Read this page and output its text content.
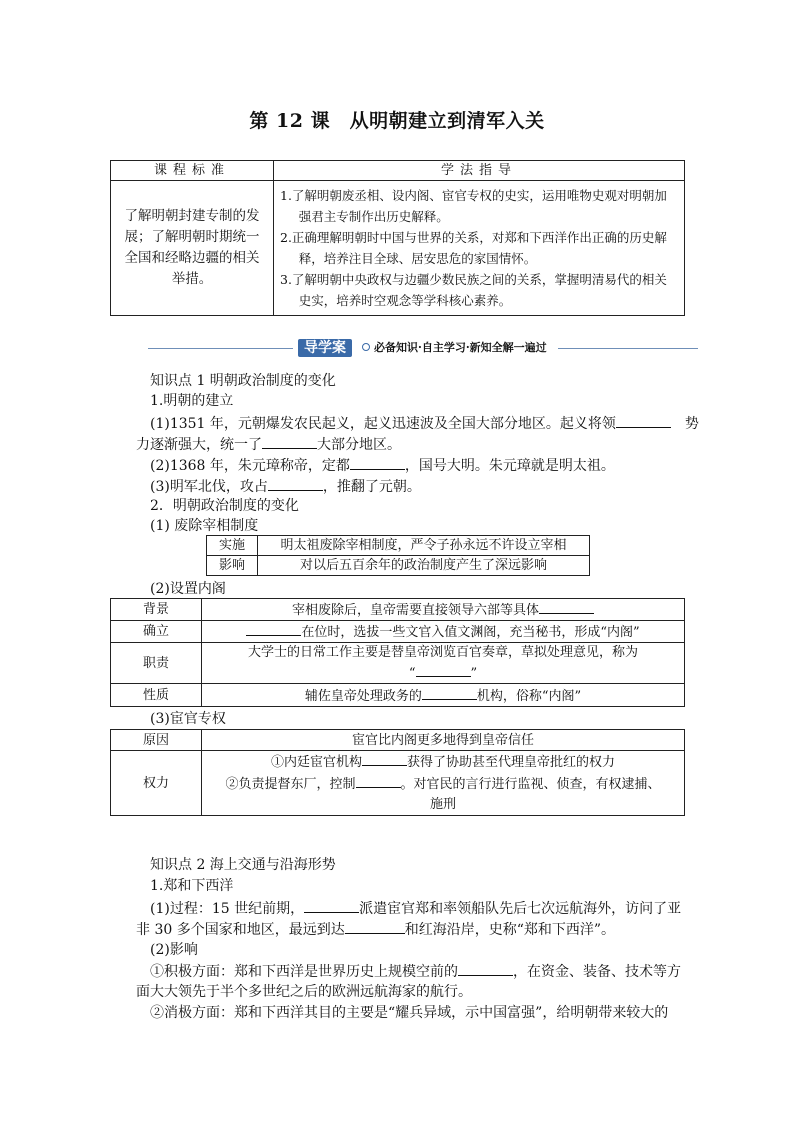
第 12 课　从明朝建立到清军入关
课程标准	学法指导
了解明朝封建专制的发展；了解明朝时期统一全国和经略边疆的相关举措。	1.了解明朝废丞相、设内阁、宦官专权的史实，运用唯物史观对明朝加强君主专制作出历史解释。
2.正确理解明朝时中国与世界的关系，对郑和下西洋作出正确的历史解释，培养注目全球、居安思危的家国情怀。
3.了解明朝中央政权与边疆少数民族之间的关系，掌握明清易代的相关史实，培养时空观念等学科核心素养。
导学案	必备知识·自主学习·新知全解一遍过
知识点 1 明朝政治制度的变化
1.明朝的建立
(1)1351 年，元朝爆发农民起义，起义迅速波及全国大部分地区。起义将领	势
力逐渐强大，统一了	大部分地区。
(2)1368 年，朱元璋称帝，定都	，国号大明。朱元璋就是明太祖。
(3)明军北伐，攻占	，推翻了元朝。
2．明朝政治制度的变化
(1) 废除宰相制度
实施	明太祖废除宰相制度，严令子孙永远不许设立宰相
影响	对以后五百余年的政治制度产生了深远影响
(2)设置内阁
背景	宰相废除后，皇帝需要直接领导六部等具体
确立	在位时，选拔一些文官入值文渊阁，充当秘书，形成“内阁”
职责	大学士的日常工作主要是替皇帝浏览百官奏章，草拟处理意见，称为
“ ”

性质	辅佐皇帝处理政务的 机构，俗称“内阁”
(3)宦官专权
原因	宦官比内阁更多地得到皇帝信任
权力	①内廷宦官机构 获得了协助甚至代理皇帝批红的权力
②负责提督东厂，控制 。对官民的言行进行监视、侦查，有权逮捕、
施刑
知识点 2 海上交通与沿海形势
1.郑和下西洋
(1)过程：15 世纪前期，	派遣宦官郑和率领船队先后七次远航海外，访问了亚
非 30 多个国家和地区，最远到达	和红海沿岸，史称“郑和下西洋”。
(2)影响
①积极方面：郑和下西洋是世界历史上规模空前的	，在资金、装备、技术等方
面大大领先于半个多世纪之后的欧洲远航海家的航行。
②消极方面：郑和下西洋其目的主要是“耀兵异域，示中国富强”，给明朝带来较大的
